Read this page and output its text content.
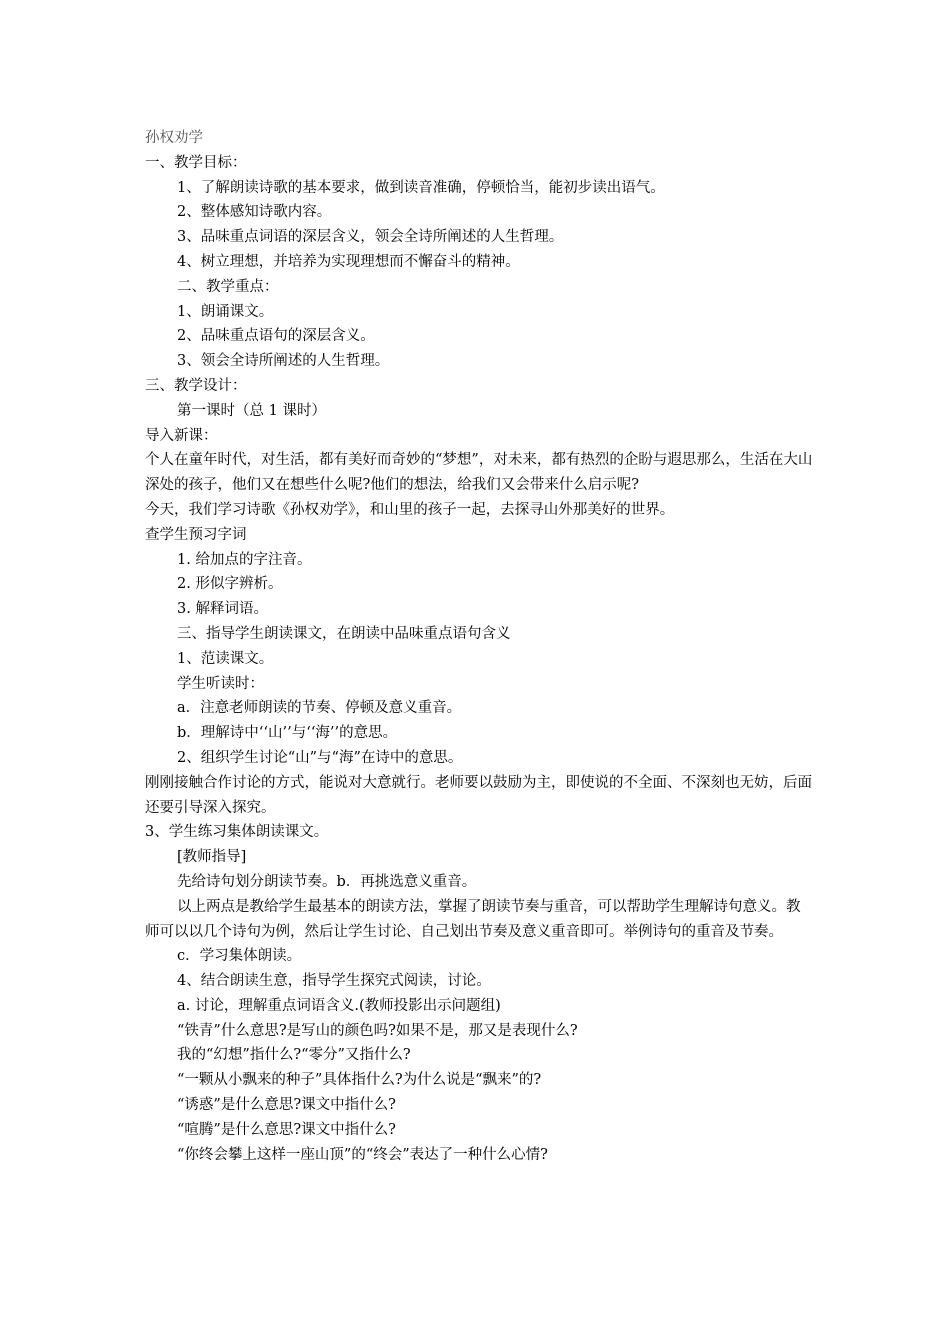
孙权劝学
一、教学目标：
1、了解朗读诗歌的基本要求，做到读音准确，停顿恰当，能初步读出语气。
2、整体感知诗歌内容。
3、品味重点词语的深层含义，领会全诗所阐述的人生哲理。
4、树立理想，并培养为实现理想而不懈奋斗的精神。
二、教学重点：
1、朗诵课文。
2、品味重点语句的深层含义。
3、领会全诗所阐述的人生哲理。
三、教学设计：
第一课时（总 1 课时）
导入新课：
个人在童年时代，对生活，都有美好而奇妙的“梦想”，对未来，都有热烈的企盼与遐思那么，生活在大山深处的孩子，他们又在想些什么呢?他们的想法，给我们又会带来什么启示呢?
今天，我们学习诗歌《孙权劝学》，和山里的孩子一起，去探寻山外那美好的世界。
查学生预习字词
1. 给加点的字注音。
2. 形似字辨析。
3. 解释词语。
三、指导学生朗读课文，在朗读中品味重点语句含义
1、范读课文。
学生听读时：
a．注意老师朗读的节奏、停顿及意义重音。
b．理解诗中‘‘山’’与‘‘海’’的意思。
2、组织学生讨论“山”与“海”在诗中的意思。
刚刚接触合作讨论的方式，能说对大意就行。老师要以鼓励为主，即使说的不全面、不深刻也无妨，后面还要引导深入探究。
3、学生练习集体朗读课文。
[教师指导]
先给诗句划分朗读节奏。b．再挑选意义重音。
以上两点是教给学生最基本的朗读方法，掌握了朗读节奏与重音，可以帮助学生理解诗句意义。教师可以以几个诗句为例，然后让学生讨论、自己划出节奏及意义重音即可。举例诗句的重音及节奏。
c．学习集体朗读。
4、结合朗读生意，指导学生探究式阅读，讨论。
a. 讨论，理解重点词语含义.(教师投影出示问题组)
“铁青”什么意思?是写山的颜色吗?如果不是，那又是表现什么?
我的“幻想”指什么?“零分”又指什么?
“一颗从小飘来的种子”具体指什么?为什么说是“飘来”的?
“诱惑”是什么意思?课文中指什么?
“喧腾”是什么意思?课文中指什么?
“你终会攀上这样一座山顶”的“终会”表达了一种什么心情?
